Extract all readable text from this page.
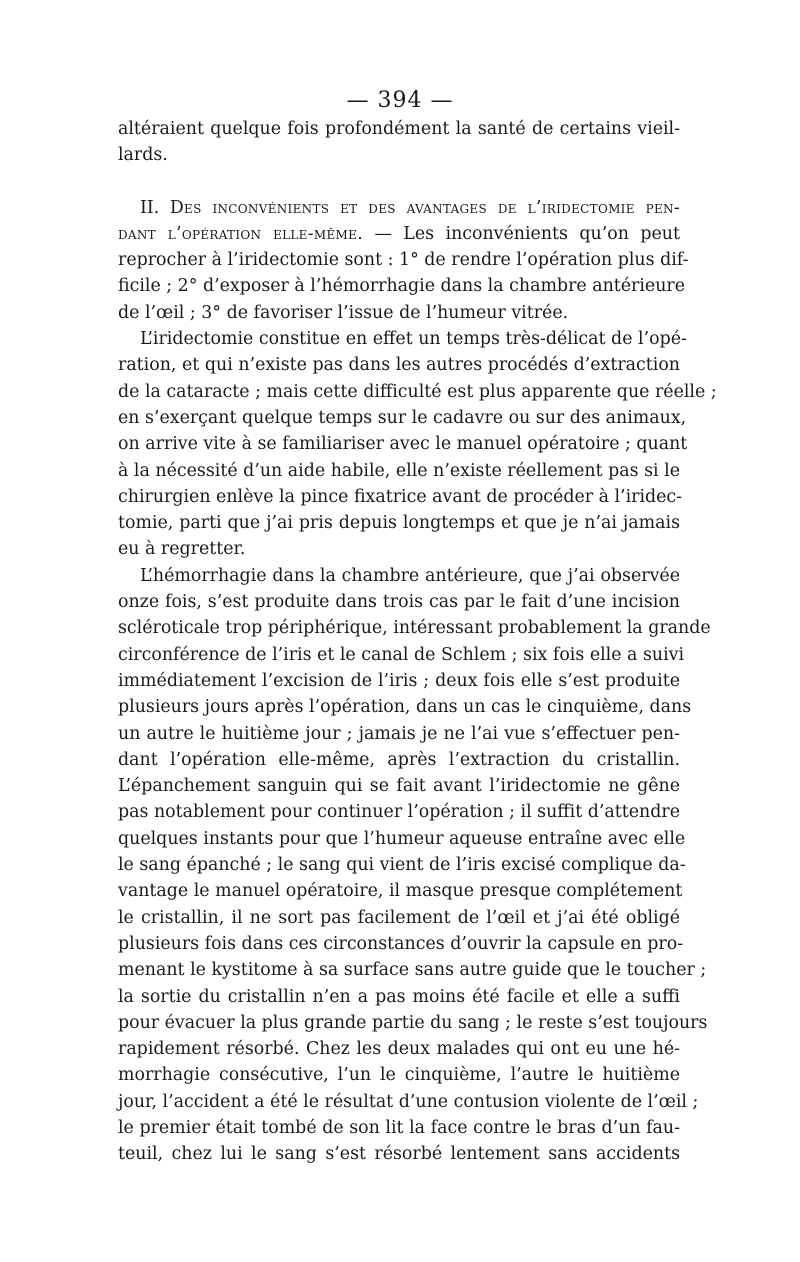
— 394 —
altéraient quelque fois profondément la santé de certains vieil-
lards.
II. Des inconvénients et des avantages de l’iridectomie pen-
dant l’opération elle-même. — Les inconvénients qu’on peut
reprocher à l’iridectomie sont : 1° de rendre l’opération plus dif-
ficile ; 2° d’exposer à l’hémorrhagie dans la chambre antérieure
de l’œil ; 3° de favoriser l’issue de l’humeur vitrée.
L’iridectomie constitue en effet un temps très-délicat de l’opé-
ration, et qui n’existe pas dans les autres procédés d’extraction
de la cataracte ; mais cette difficulté est plus apparente que réelle ;
en s’exerçant quelque temps sur le cadavre ou sur des animaux,
on arrive vite à se familiariser avec le manuel opératoire ; quant
à la nécessité d’un aide habile, elle n’existe réellement pas si le
chirurgien enlève la pince fixatrice avant de procéder à l’iridec-
tomie, parti que j’ai pris depuis longtemps et que je n’ai jamais
eu à regretter.
L’hémorrhagie dans la chambre antérieure, que j’ai observée
onze fois, s’est produite dans trois cas par le fait d’une incision
scléroticale trop périphérique, intéressant probablement la grande
circonférence de l’iris et le canal de Schlem ; six fois elle a suivi
immédiatement l’excision de l’iris ; deux fois elle s’est produite
plusieurs jours après l’opération, dans un cas le cinquième, dans
un autre le huitième jour ; jamais je ne l’ai vue s’effectuer pen-
dant l’opération elle-même, après l’extraction du cristallin.
L’épanchement sanguin qui se fait avant l’iridectomie ne gêne
pas notablement pour continuer l’opération ; il suffit d’attendre
quelques instants pour que l’humeur aqueuse entraîne avec elle
le sang épanché ; le sang qui vient de l’iris excisé complique da-
vantage le manuel opératoire, il masque presque complétement
le cristallin, il ne sort pas facilement de l’œil et j’ai été obligé
plusieurs fois dans ces circonstances d’ouvrir la capsule en pro-
menant le kystitome à sa surface sans autre guide que le toucher ;
la sortie du cristallin n’en a pas moins été facile et elle a suffi
pour évacuer la plus grande partie du sang ; le reste s’est toujours
rapidement résorbé. Chez les deux malades qui ont eu une hé-
morrhagie consécutive, l’un le cinquième, l’autre le huitième
jour, l’accident a été le résultat d’une contusion violente de l’œil ;
le premier était tombé de son lit la face contre le bras d’un fau-
teuil, chez lui le sang s’est résorbé lentement sans accidents
